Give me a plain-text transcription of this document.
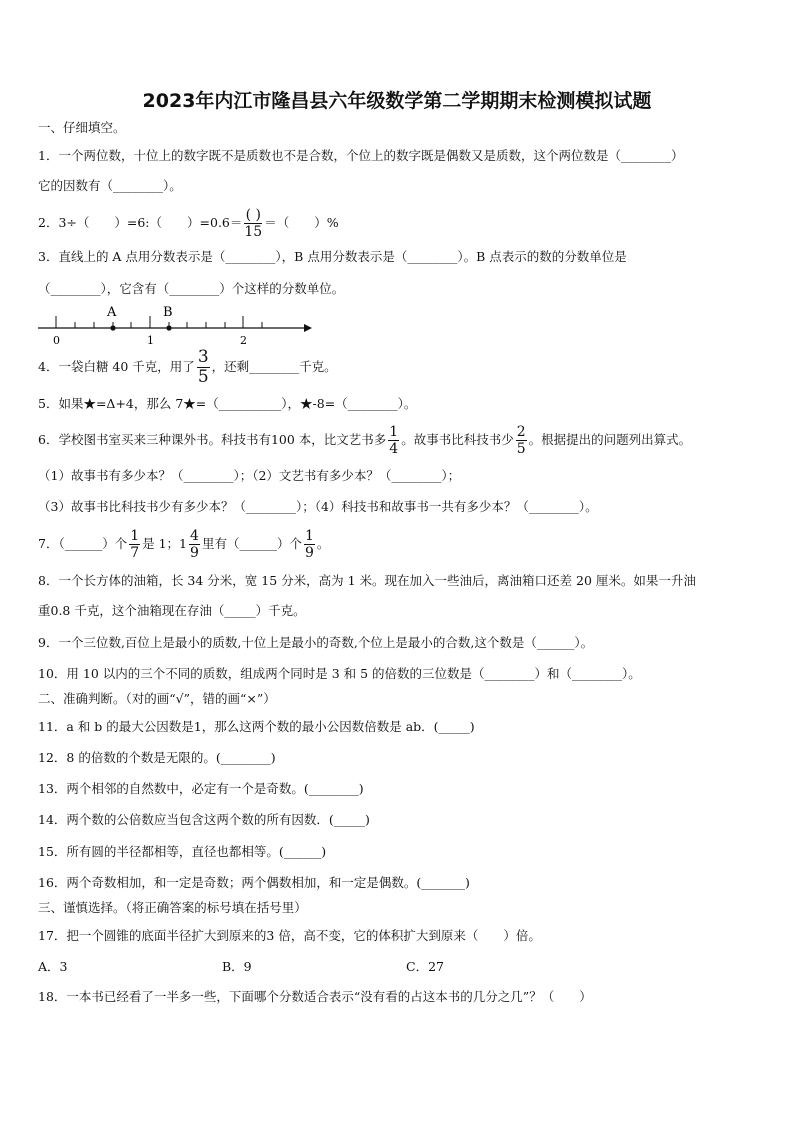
2023年内江市隆昌县六年级数学第二学期期末检测模拟试题
一、仔细填空。
1．一个两位数，十位上的数字既不是质数也不是合数，个位上的数字既是偶数又是质数，这个两位数是（________）
它的因数有（________）。
2．3÷（　　）=6:（　　）$=0.6= \frac{( )}{15}$ ＝（　　）%
3．直线上的 A 点用分数表示是（________），B 点用分数表示是（________）。B 点表示的数的分数单位是
（________），它含有（________）个这样的分数单位。
A	B
0	1	2
4．一袋白糖 40 千克，用了 $\frac{3}{5}$ ，还剩________千克。
5．如果★=Δ+4，那么 7★=（__________），★-8=（________）。
6．学校图书室买来三种课外书。科技书有100 本，比文艺书多 $\frac{1}{4}$ 。故事书比科技书少 $\frac{2}{5}$ 。根据提出的问题列出算式。
（1）故事书有多少本？（________）；（2）文艺书有多少本？（________）；
（3）故事书比科技书少有多少本？（________）；（4）科技书和故事书一共有多少本？（________）。
7．（______）个 $\frac{1}{7}$ 是 1；$1 \frac{4}{9}$ 里有（______）个 $\frac{1}{9}$ 。
8．一个长方体的油箱，长 34 分米，宽 15 分米，高为 1 米。现在加入一些油后，离油箱口还差 20 厘米。如果一升油
重0.8 千克，这个油箱现在存油（_____）千克。
9．一个三位数,百位上是最小的质数,十位上是最小的奇数,个位上是最小的合数,这个数是（______）。
10．用 10 以内的三个不同的质数，组成两个同时是 3 和 5 的倍数的三位数是（________）和（________）。
二、准确判断。（对的画“√”，错的画“×”）
11．a 和 b 的最大公因数是1，那么这两个数的最小公因数倍数是 ab．(_____)
12．8 的倍数的个数是无限的。(________)
13．两个相邻的自然数中，必定有一个是奇数。(________)
14．两个数的公倍数应当包含这两个数的所有因数．(_____)
15．所有圆的半径都相等，直径也都相等。(______)
16．两个奇数相加，和一定是奇数；两个偶数相加，和一定是偶数。(_______)
三、谨慎选择。（将正确答案的标号填在括号里）
17．把一个圆锥的底面半径扩大到原来的3 倍，高不变，它的体积扩大到原来（　　）倍。
A．3	B．9	C．27
18．一本书已经看了一半多一些，下面哪个分数适合表示“没有看的占这本书的几分之几”？（　　）
